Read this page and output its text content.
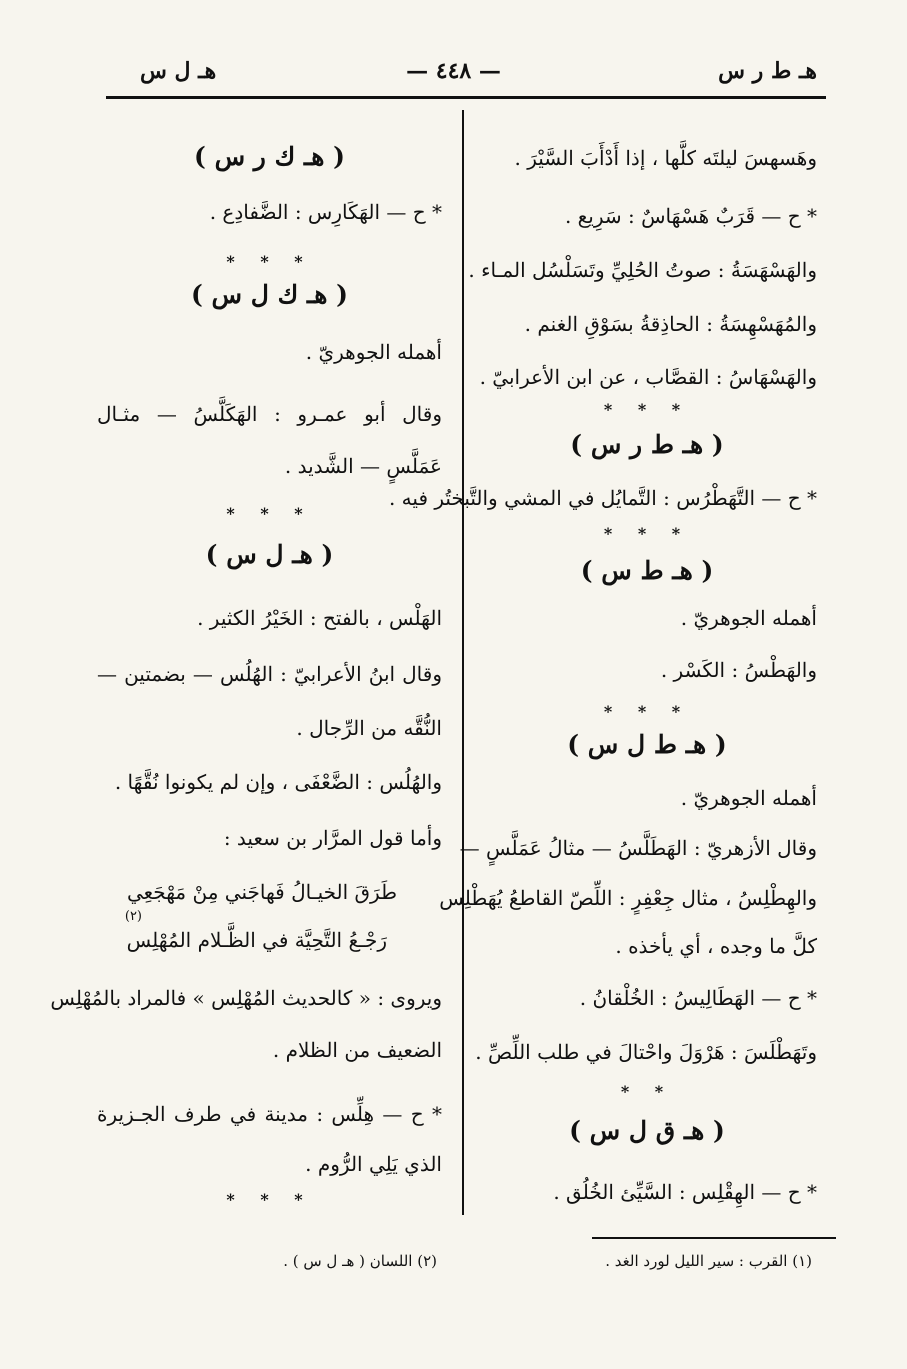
هـ ط ر س
— ٤٤٨ —
هـ ل س
وهَسهسَ ليلتَه كلَّها ، إذا أَدْأَبَ السَّيْرَ .
* ح — قَرَبٌ هَسْهَاسٌ : سَرِيع .
والهَسْهَسَةُ : صوتُ الحُلِيِّ وتَسَلْسُل المـاء .
والمُهَسْهِسَةُ : الحاذِقةُ بسَوْقِ الغنم .
والهَسْهَاسُ : القصَّاب ، عن ابن الأعرابيّ .
* * *
( هـ ط ر س )
* ح — التَّهَطْرُس : التَّمايُل في المشي والتَّبختُر فيه .
* * *
( هـ ط س )
أهمله الجوهريّ .
والهَطْسُ : الكَسْر .
* * *
( هـ ط ل س )
أهمله الجوهريّ .
وقال الأزهريّ : الهَطَلَّسُ — مثالُ عَمَلَّسٍ —
والهِطْلِسُ ، مثال جِعْفِرٍ : اللِّصّ القاطعُ يُهَطْلِس
كلَّ ما وجده ، أي يأخذه .
* ح — الهَطَالِيسُ : الخُلْقانُ .
وتَهَطْلَسَ : هَرْوَلَ واحْتالَ في طلب اللِّصِّ .
* *
( هـ ق ل س )
* ح — الهِقْلِس : السَّيِّئ الخُلُق .
( هـ ك ر س )
* ح — الهَكَارِس : الضَّفادِع .
* * *
( هـ ك ل س )
أهمله الجوهريّ .
وقال أبو عمـرو : الهَكَلَّسُ — مثـال
عَمَلَّسٍ — الشَّديد .
* * *
( هـ ل س )
الهَلْس ، بالفتح : الخَيْرُ الكثير .
وقال ابنُ الأعرابيّ : الهُلُس — بضمتين —
النُّقَّه من الرِّجال .
والهُلُس : الضَّعْفَى ، وإن لم يكونوا نُقَّهًا .
وأما قول المرَّار بن سعيد :
طَرَقَ الخيـالُ فَهاجَني مِنْ مَهْجَعِي
(٢)
رَجْـعُ التَّحِيَّة في الظَّـلام المُهْلِس
ويروى : « كالحديث المُهْلِس » فالمراد بالمُهْلِس
الضعيف من الظلام .
* ح — هِلِّس : مدينة في طرف الجـزيرة
الذي يَلِي الرُّوم .
* * *
(١) القرب : سير الليل لورد الغد .
(٢) اللسان ( هـ ل س ) .
